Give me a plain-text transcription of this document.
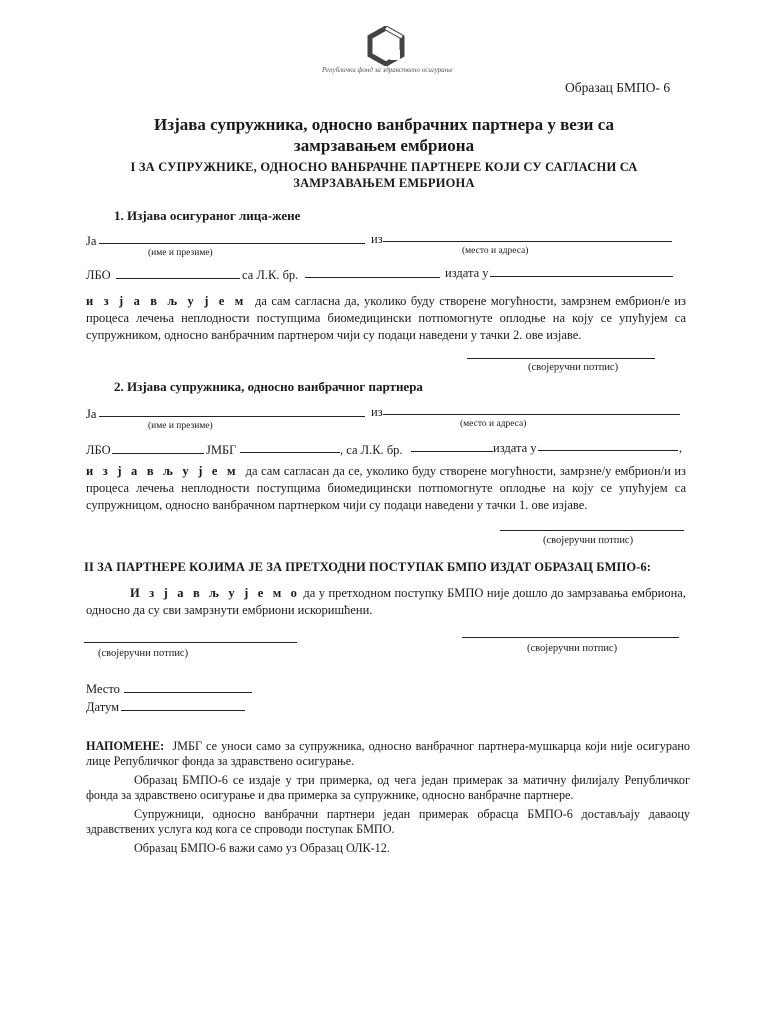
Републички фонд за здравствено осигурање
Образац БМПО- 6
Изјава супружника, односно ванбрачних партнера у вези са
замрзавањем ембриона
I ЗА СУПРУЖНИКЕ, ОДНОСНО ВАНБРАЧНЕ ПАРТНЕРЕ КОЈИ СУ САГЛАСНИ СА
ЗАМРЗАВАЊЕМ ЕМБРИОНА
1. Изјава осигураног лица-жене
Ја	из
(име и презиме)	(место и адреса)
ЛБО	са Л.К. бр.	издата у
и з ј а в љ у ј е м да сам сагласна да, уколико буду створене могућности, замрзнем ембрион/е из процеса лечења неплодности поступцима биомедицински потпомогнуте оплодње на коју се упућујем са супружником, односно ванбрачним партнером чији су подаци наведени у тачки 2. ове изјаве.
(својеручни потпис)
2. Изјава супружника, односно ванбрачног партнера
Ја	из
(име и презиме)	(место и адреса)
ЛБО	ЈМБГ	, са Л.К. бр.	издата у	,
и з ј а в љ у ј е м да сам сагласан да се, уколико буду створене могућности, замрзне/у ембрион/и из процеса лечења неплодности поступцима биомедицински потпомогнуте оплодње на коју се упућујем са супружницом, односно ванбрачном партнерком чији су подаци наведени у тачки 1. ове изјаве.
(својеручни потпис)
II ЗА ПАРТНЕРЕ КОЈИМА ЈЕ ЗА ПРЕТХОДНИ ПОСТУПАК БМПО ИЗДАТ ОБРАЗАЦ БМПО-6:
И з ј а в љ у ј е м о да у претходном поступку БМПО није дошло до замрзавања ембриона, односно да су сви замрзнути ембриони искоришћени.
(својеручни потпис)	(својеручни потпис)
Место
Датум

НАПОМЕНЕ: ЈМБГ се уноси само за супружника, односно ванбрачног партнера-мушкарца који није осигурано лице Републичког фонда за здравствено осигурање.

Образац БМПО-6 се издаје у три примерка, од чега један примерак за матичну филијалу Републичког фонда за здравствено осигурање и два примерка за супружнике, односно ванбрачне партнере.

Супружници, односно ванбрачни партнери један примерак обрасца БМПО-6 достављају даваоцу здравствених услуга код кога се спроводи поступак БМПО.

Образац БМПО-6 важи само уз Образац ОЛК-12.
